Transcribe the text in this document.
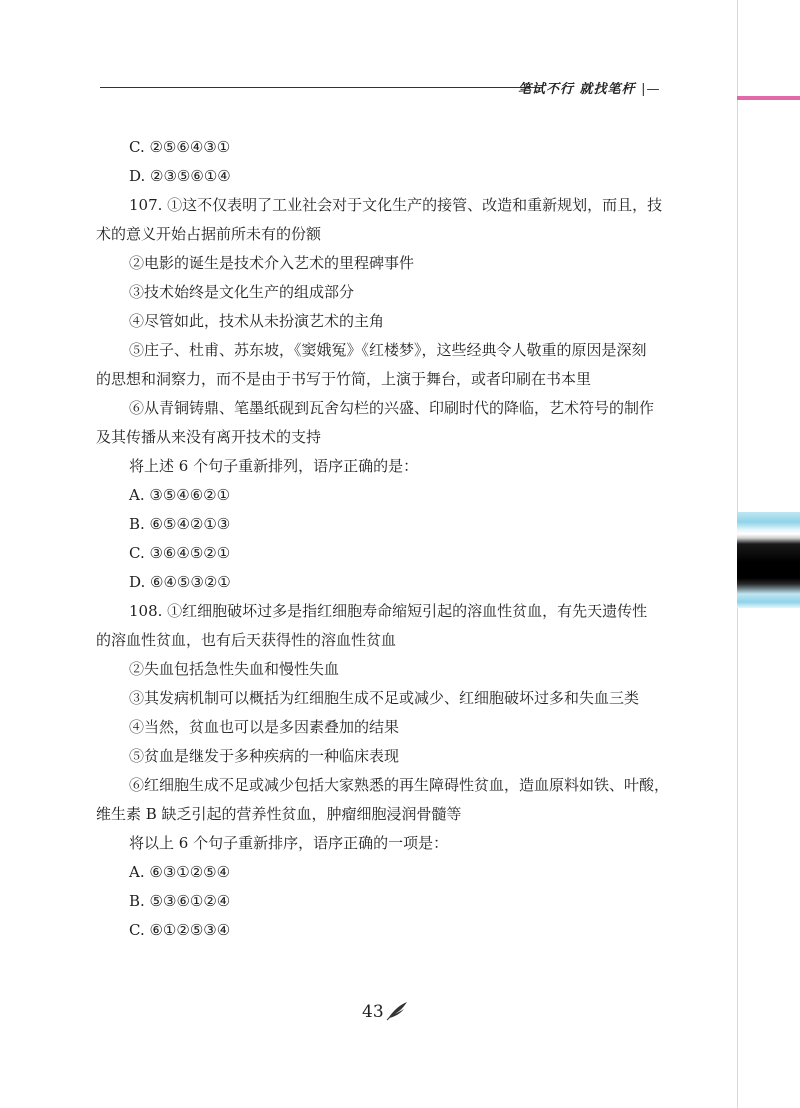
笔试不行 就找笔杆 |—
C. ②⑤⑥④③①
D. ②③⑤⑥①④
107. ①这不仅表明了工业社会对于文化生产的接管、改造和重新规划，而且，技
术的意义开始占据前所未有的份额
②电影的诞生是技术介入艺术的里程碑事件
③技术始终是文化生产的组成部分
④尽管如此，技术从未扮演艺术的主角
⑤庄子、杜甫、苏东坡，《窦娥冤》《红楼梦》，这些经典令人敬重的原因是深刻
的思想和洞察力，而不是由于书写于竹简，上演于舞台，或者印刷在书本里
⑥从青铜铸鼎、笔墨纸砚到瓦舍勾栏的兴盛、印刷时代的降临，艺术符号的制作
及其传播从来没有离开技术的支持
将上述 6 个句子重新排列，语序正确的是：
A. ③⑤④⑥②①
B. ⑥⑤④②①③
C. ③⑥④⑤②①
D. ⑥④⑤③②①
108. ①红细胞破坏过多是指红细胞寿命缩短引起的溶血性贫血，有先天遗传性
的溶血性贫血，也有后天获得性的溶血性贫血
②失血包括急性失血和慢性失血
③其发病机制可以概括为红细胞生成不足或减少、红细胞破坏过多和失血三类
④当然，贫血也可以是多因素叠加的结果
⑤贫血是继发于多种疾病的一种临床表现
⑥红细胞生成不足或减少包括大家熟悉的再生障碍性贫血，造血原料如铁、叶酸，
维生素 B 缺乏引起的营养性贫血，肿瘤细胞浸润骨髓等
将以上 6 个句子重新排序，语序正确的一项是：
A. ⑥③①②⑤④
B. ⑤③⑥①②④
C. ⑥①②⑤③④
43
